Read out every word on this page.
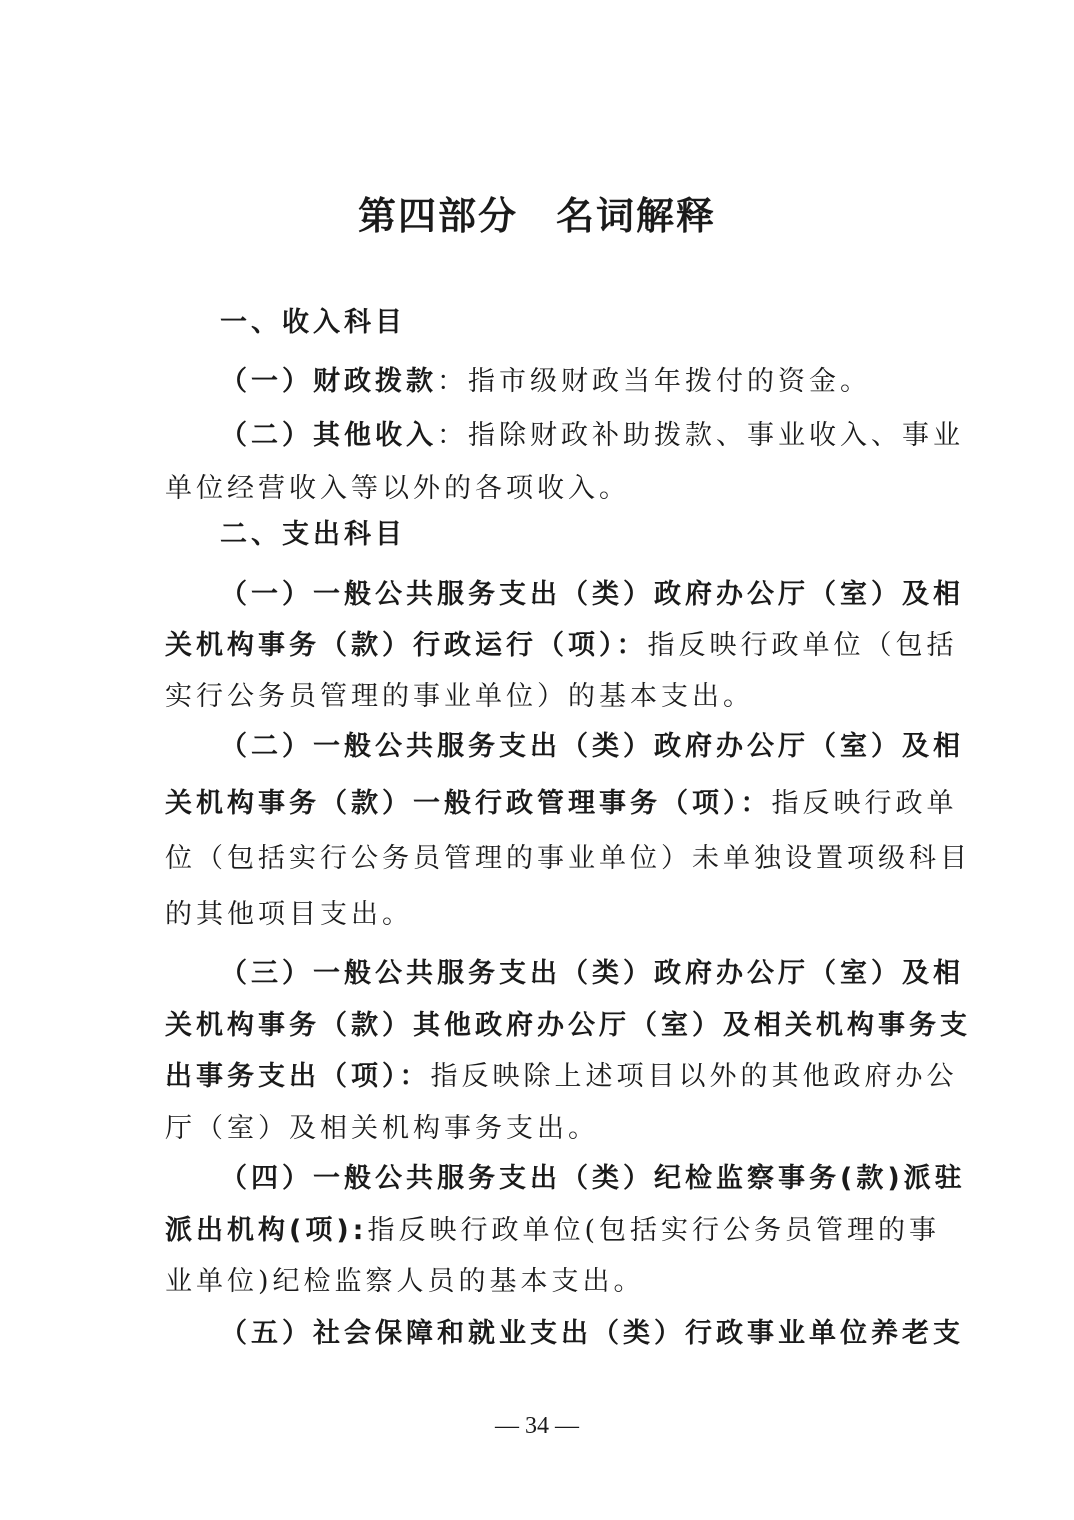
第四部分 名词解释
一、收入科目
（一）财政拨款：指市级财政当年拨付的资金。
（二）其他收入：指除财政补助拨款、事业收入、事业
单位经营收入等以外的各项收入。
二、支出科目
（一）一般公共服务支出（类）政府办公厅（室）及相
关机构事务（款）行政运行（项）：指反映行政单位（包括
实行公务员管理的事业单位）的基本支出。
（二）一般公共服务支出（类）政府办公厅（室）及相
关机构事务（款）一般行政管理事务（项）：指反映行政单
位（包括实行公务员管理的事业单位）未单独设置项级科目
的其他项目支出。
（三）一般公共服务支出（类）政府办公厅（室）及相
关机构事务（款）其他政府办公厅（室）及相关机构事务支
出事务支出（项）：指反映除上述项目以外的其他政府办公
厅（室）及相关机构事务支出。
（四）一般公共服务支出（类）纪检监察事务(款)派驻
派出机构(项):指反映行政单位(包括实行公务员管理的事
业单位)纪检监察人员的基本支出。
（五）社会保障和就业支出（类）行政事业单位养老支
— 34 —
